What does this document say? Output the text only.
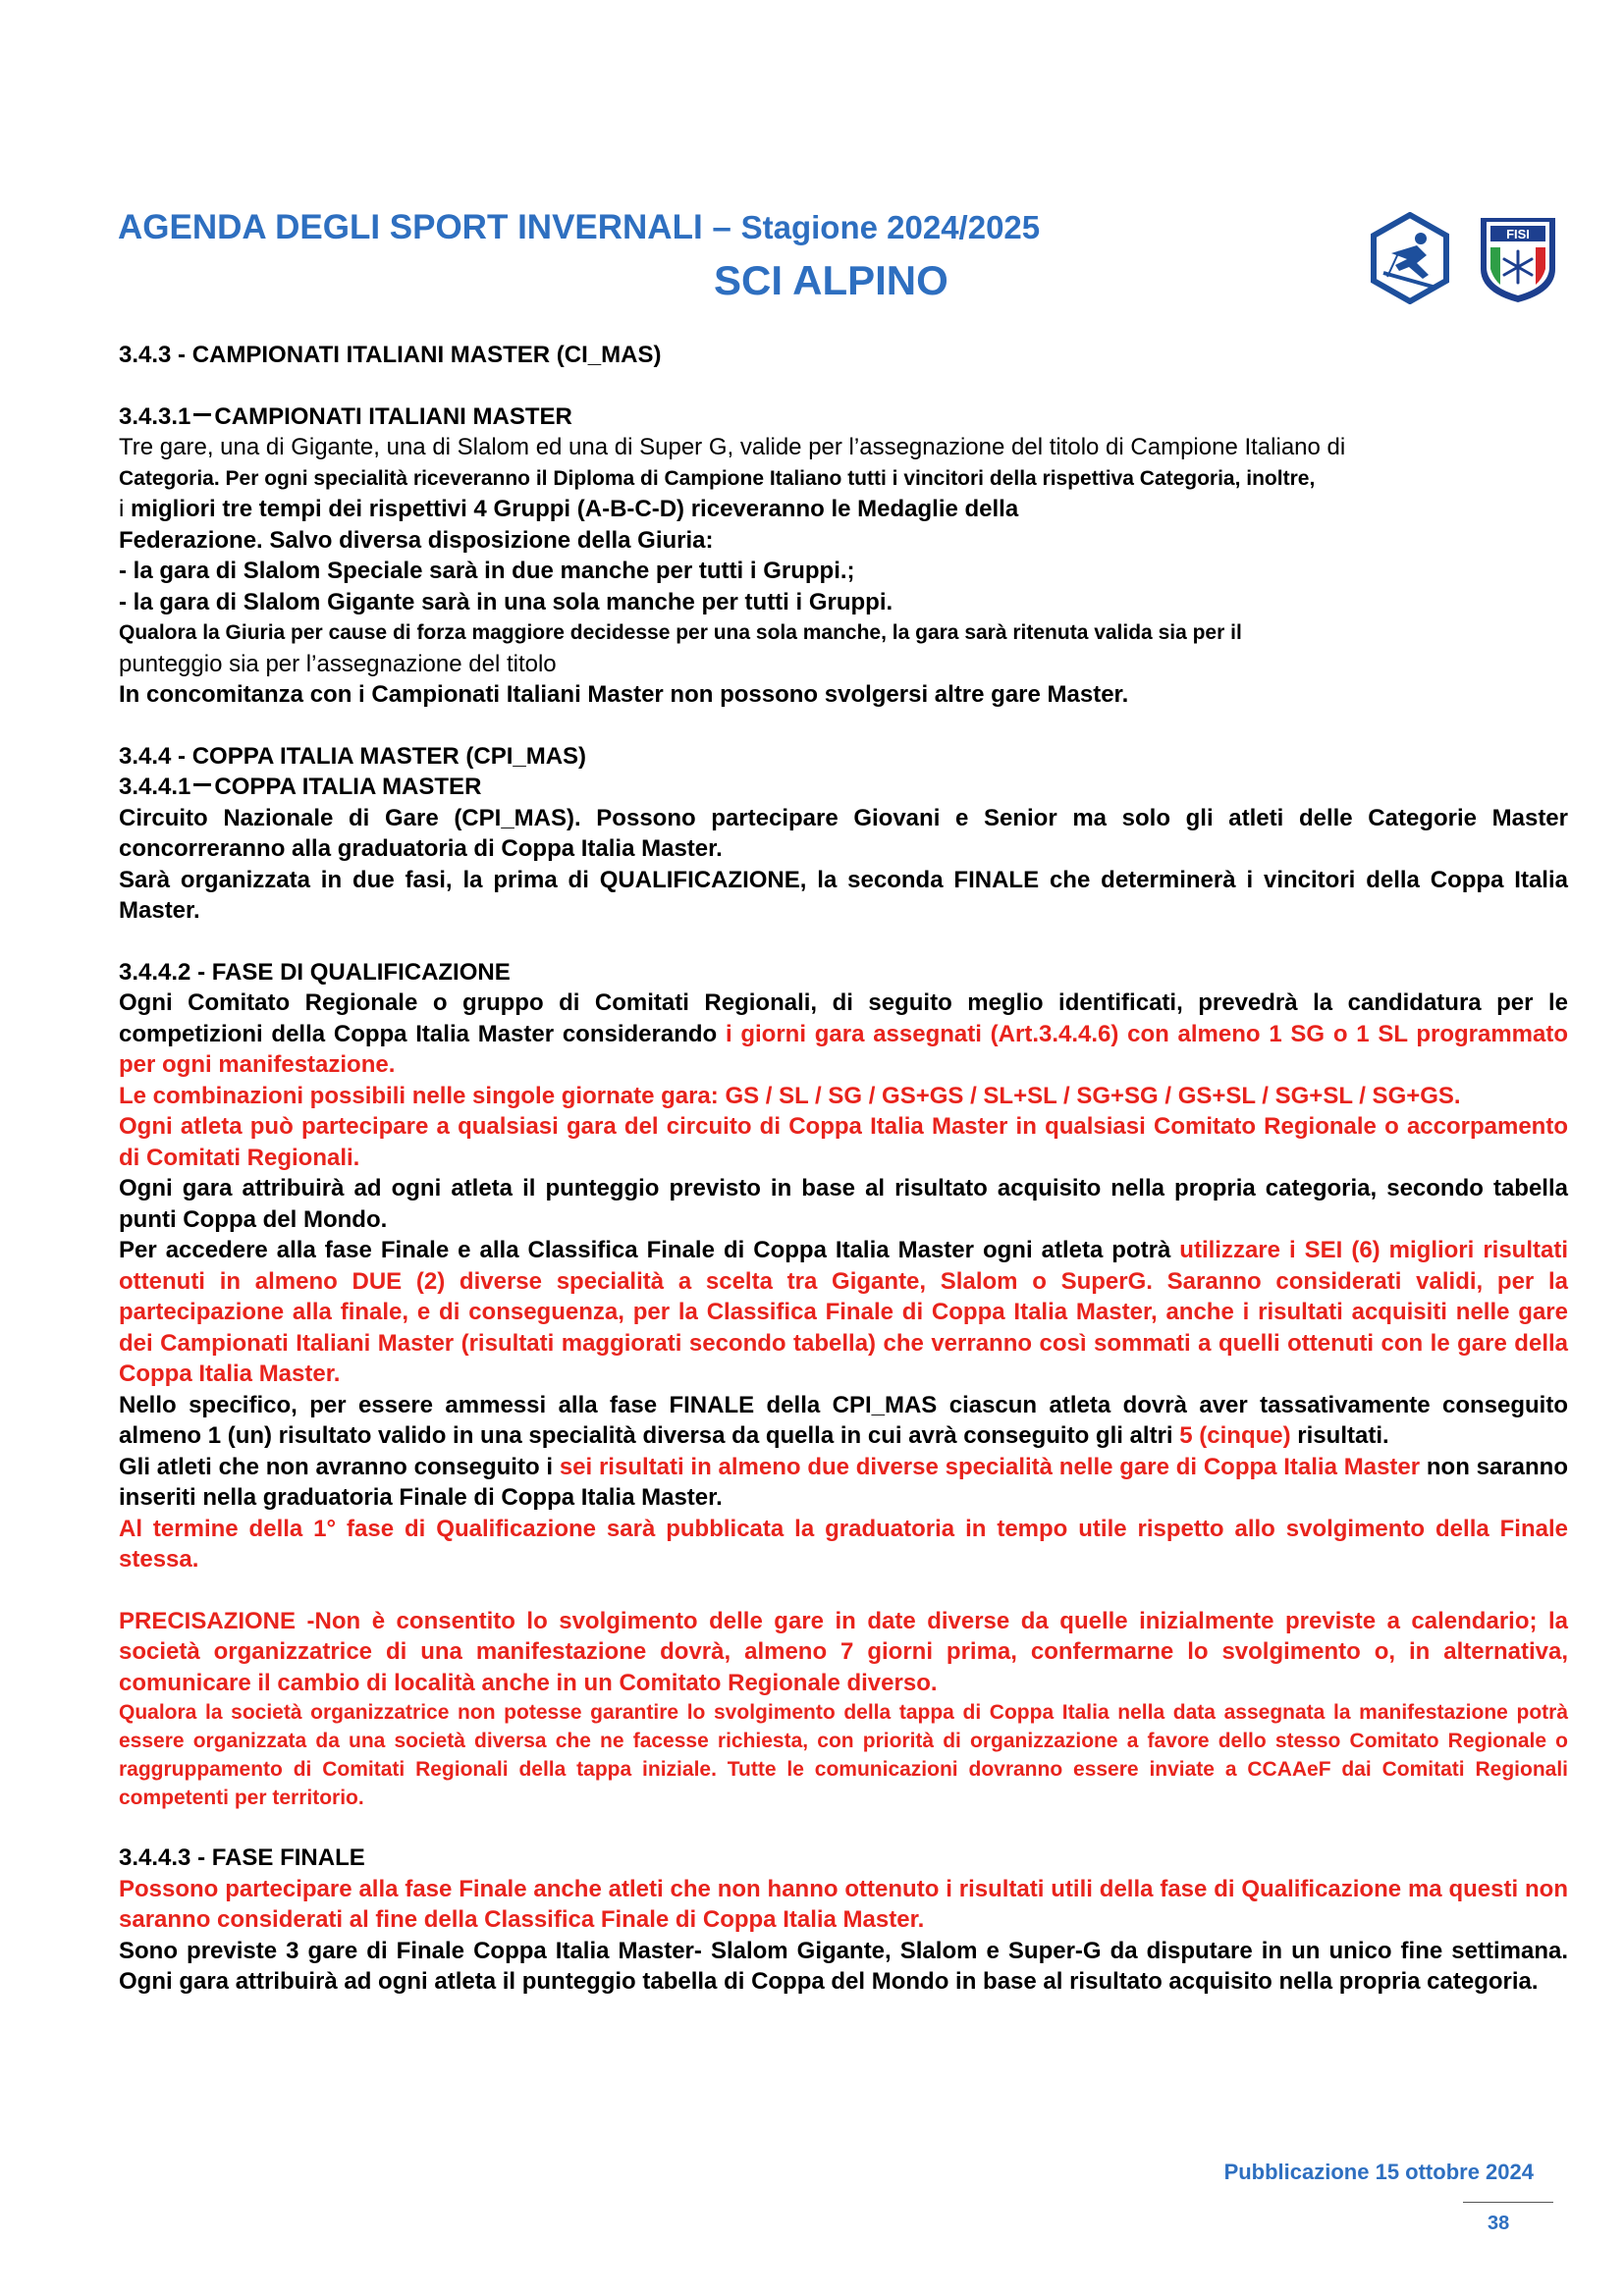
AGENDA DEGLI SPORT INVERNALI – Stagione 2024/2025
SCI ALPINO
FISI

3.4.3 - CAMPIONATI ITALIANI MASTER (CI_MAS)

3.4.3.1 CAMPIONATI ITALIANI MASTER

Tre gare, una di Gigante, una di Slalom ed una di Super G, valide per l’assegnazione del titolo di Campione Italiano di

Categoria. Per ogni specialità riceveranno il Diploma di Campione Italiano tutti i vincitori della rispettiva Categoria, inoltre,

i migliori tre tempi dei rispettivi 4 Gruppi (A-B-C-D) riceveranno le Medaglie della

Federazione. Salvo diversa disposizione della Giuria:

- la gara di Slalom Speciale sarà in due manche per tutti i Gruppi.;

- la gara di Slalom Gigante sarà in una sola manche per tutti i Gruppi.

Qualora la Giuria per cause di forza maggiore decidesse per una sola manche, la gara sarà ritenuta valida sia per il

punteggio sia per l’assegnazione del titolo

In concomitanza con i Campionati Italiani Master non possono svolgersi altre gare Master.

3.4.4 - COPPA ITALIA MASTER (CPI_MAS)

3.4.4.1 COPPA ITALIA MASTER

Circuito Nazionale di Gare (CPI_MAS). Possono partecipare Giovani e Senior ma solo gli atleti delle Categorie Master concorreranno alla graduatoria di Coppa Italia Master.

Sarà organizzata in due fasi, la prima di QUALIFICAZIONE, la seconda FINALE che determinerà i vincitori della Coppa Italia Master.

3.4.4.2 - FASE DI QUALIFICAZIONE

Ogni Comitato Regionale o gruppo di Comitati Regionali, di seguito meglio identificati, prevedrà la candidatura per le competizioni della Coppa Italia Master considerando i giorni gara assegnati (Art.3.4.4.6) con almeno 1 SG o 1 SL programmato per ogni manifestazione.

Le combinazioni possibili nelle singole giornate gara: GS / SL / SG / GS+GS / SL+SL / SG+SG / GS+SL / SG+SL / SG+GS.

Ogni atleta può partecipare a qualsiasi gara del circuito di Coppa Italia Master in qualsiasi Comitato Regionale o accorpamento di Comitati Regionali.

Ogni gara attribuirà ad ogni atleta il punteggio previsto in base al risultato acquisito nella propria categoria, secondo tabella punti Coppa del Mondo.

Per accedere alla fase Finale e alla Classifica Finale di Coppa Italia Master ogni atleta potrà utilizzare i SEI (6) migliori risultati ottenuti in almeno DUE (2) diverse specialità a scelta tra Gigante, Slalom o SuperG. Saranno considerati validi, per la partecipazione alla finale, e di conseguenza, per la Classifica Finale di Coppa Italia Master, anche i risultati acquisiti nelle gare dei Campionati Italiani Master (risultati maggiorati secondo tabella) che verranno così sommati a quelli ottenuti con le gare della Coppa Italia Master.

Nello specifico, per essere ammessi alla fase FINALE della CPI_MAS ciascun atleta dovrà aver tassativamente conseguito almeno 1 (un) risultato valido in una specialità diversa da quella in cui avrà conseguito gli altri 5 (cinque) risultati.

Gli atleti che non avranno conseguito i sei risultati in almeno due diverse specialità nelle gare di Coppa Italia Master non saranno inseriti nella graduatoria Finale di Coppa Italia Master.

Al termine della 1° fase di Qualificazione sarà pubblicata la graduatoria in tempo utile rispetto allo svolgimento della Finale stessa.

PRECISAZIONE -Non è consentito lo svolgimento delle gare in date diverse da quelle inizialmente previste a calendario; la società organizzatrice di una manifestazione dovrà, almeno 7 giorni prima, confermarne lo svolgimento o, in alternativa, comunicare il cambio di località anche in un Comitato Regionale diverso.

Qualora la società organizzatrice non potesse garantire lo svolgimento della tappa di Coppa Italia nella data assegnata la manifestazione potrà essere organizzata da una società diversa che ne facesse richiesta, con priorità di organizzazione a favore dello stesso Comitato Regionale o raggruppamento di Comitati Regionali della tappa iniziale. Tutte le comunicazioni dovranno essere inviate a CCAAeF dai Comitati Regionali competenti per territorio.

3.4.4.3 - FASE FINALE

Possono partecipare alla fase Finale anche atleti che non hanno ottenuto i risultati utili della fase di Qualificazione ma questi non saranno considerati al fine della Classifica Finale di Coppa Italia Master.

Sono previste 3 gare di Finale Coppa Italia Master- Slalom Gigante, Slalom e Super-G da disputare in un unico fine settimana. Ogni gara attribuirà ad ogni atleta il punteggio tabella di Coppa del Mondo in base al risultato acquisito nella propria categoria.

Pubblicazione 15 ottobre 2024
38
